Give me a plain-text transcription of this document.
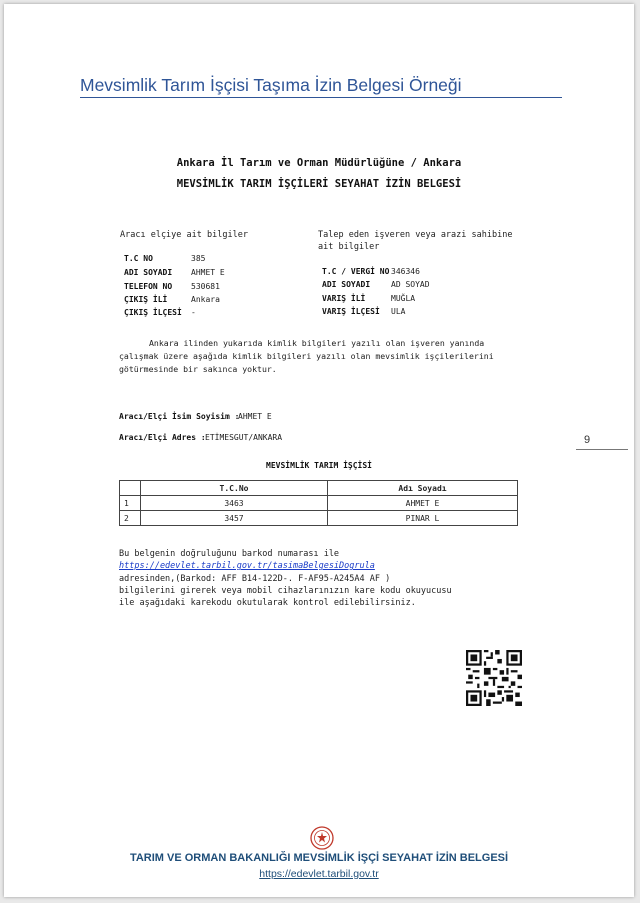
Mevsimlik Tarım İşçisi Taşıma İzin Belgesi Örneği
Ankara İl Tarım ve Orman Müdürlüğüne / Ankara
MEVSİMLİK TARIM İŞÇİLERİ SEYAHAT İZİN BELGESİ
Aracı elçiye ait bilgiler
T.C NO	385
ADI SOYADI AHMET E
TELEFON NO 530681
ÇIKIŞ İLİ	Ankara
ÇIKIŞ İLÇESİ -
Talep eden işveren veya arazi sahibine
ait bilgiler
T.C / VERGİ NO 346346
ADI SOYADI	AD SOYAD
VARIŞ İLİ	MUĞLA
VARIŞ İLÇESİ ULA
Ankara ilinden yukarıda kimlik bilgileri yazılı olan işveren yanında çalışmak üzere aşağıda kimlik bilgileri yazılı olan mevsimlik işçilerilerini götürmesinde bir sakınca yoktur.
Aracı/Elçi İsim Soyisim :
AHMET E
Aracı/Elçi Adres : ETİMESGUT/ANKARA	9
MEVSİMLİK TARIM İŞÇİSİ
	T.C.No	Adı Soyadı
1	3463	AHMET E
2	3457	PINAR L
Bu belgenin doğruluğunu barkod numarası ile
https://edevlet.tarbil.gov.tr/tasimaBelgesiDogrula
adresinden,(Barkod: AFF B14-122D-. F-AF95-A245A4 AF )
bilgilerini girerek veya mobil cihazlarınızın kare kodu okuyucusu
ile aşağıdaki karekodu okutularak kontrol edilebilirsiniz.
TARIM VE ORMAN BAKANLIĞI MEVSİMLİK İŞÇİ SEYAHAT İZİN BELGESİ
https://edevlet.tarbil.gov.tr
